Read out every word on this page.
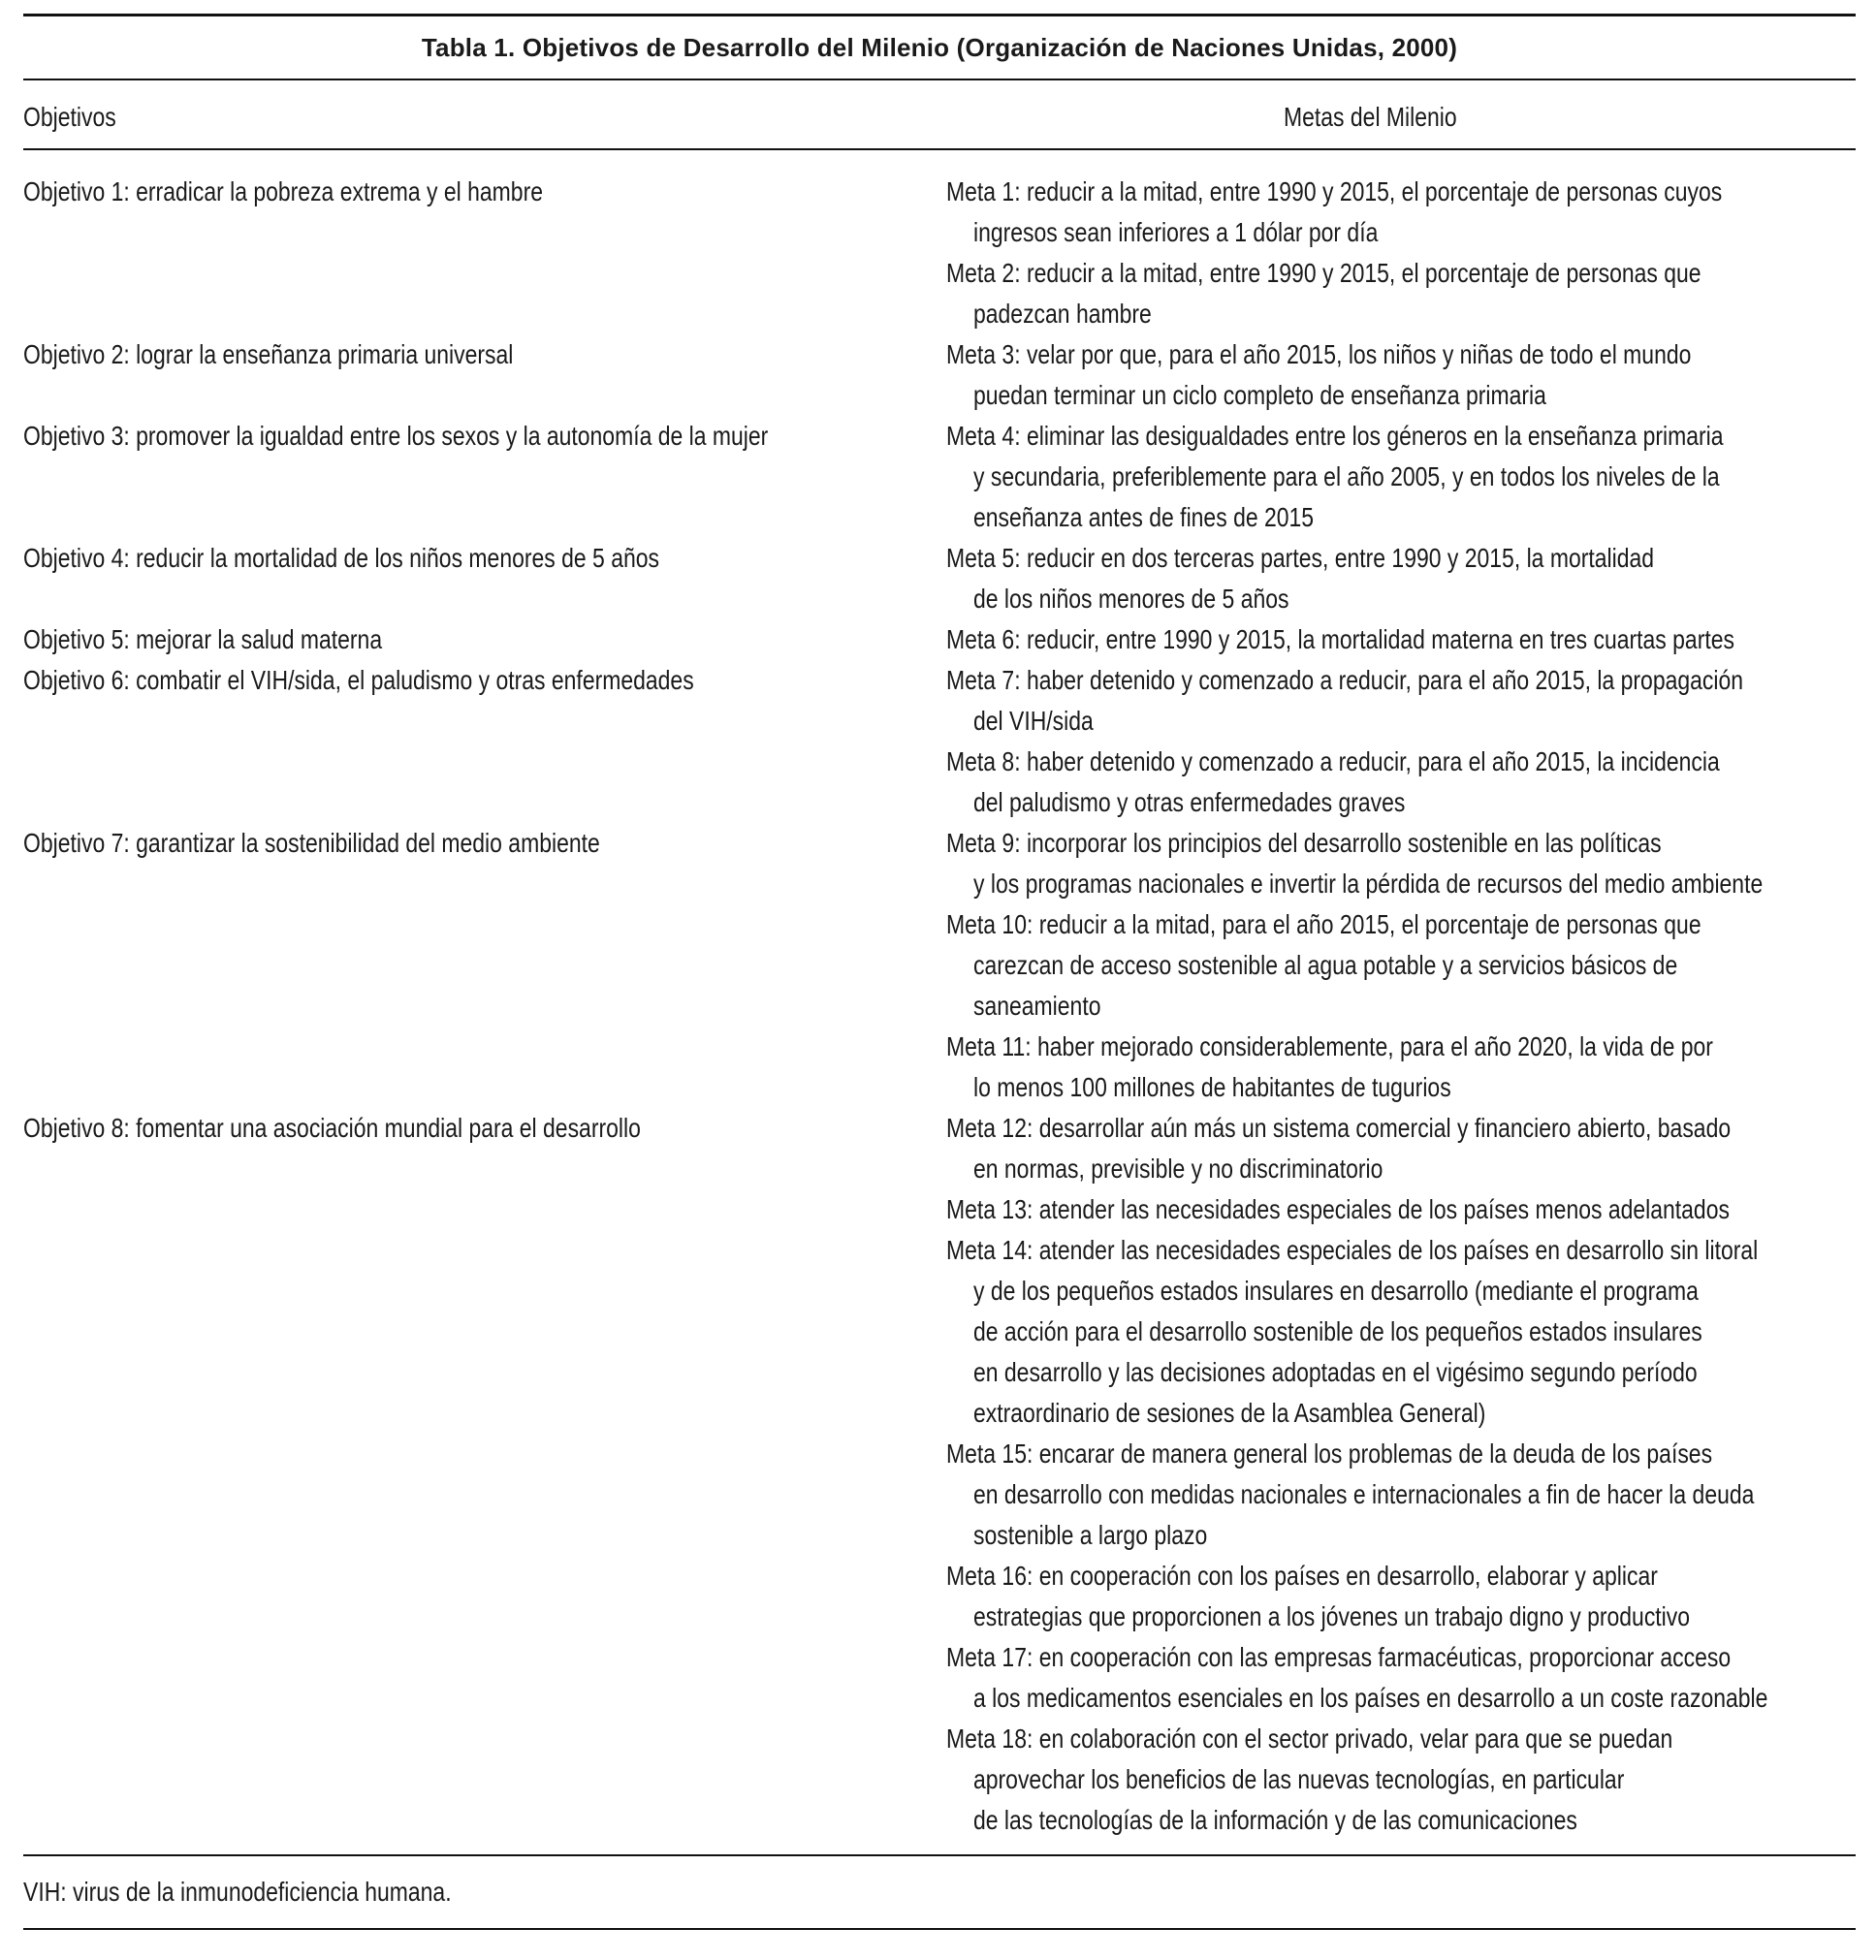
Tabla 1. Objetivos de Desarrollo del Milenio (Organización de Naciones Unidas, 2000)
Objetivos	Metas del Milenio
Objetivo 1: erradicar la pobreza extrema y el hambre	Meta 1: reducir a la mitad, entre 1990 y 2015, el porcentaje de personas cuyos
ingresos sean inferiores a 1 dólar por día
Meta 2: reducir a la mitad, entre 1990 y 2015, el porcentaje de personas que
padezcan hambre
Objetivo 2: lograr la enseñanza primaria universal	Meta 3: velar por que, para el año 2015, los niños y niñas de todo el mundo
puedan terminar un ciclo completo de enseñanza primaria
Objetivo 3: promover la igualdad entre los sexos y la autonomía de la mujer	Meta 4: eliminar las desigualdades entre los géneros en la enseñanza primaria
y secundaria, preferiblemente para el año 2005, y en todos los niveles de la
enseñanza antes de fines de 2015
Objetivo 4: reducir la mortalidad de los niños menores de 5 años	Meta 5: reducir en dos terceras partes, entre 1990 y 2015, la mortalidad
de los niños menores de 5 años
Objetivo 5: mejorar la salud materna	Meta 6: reducir, entre 1990 y 2015, la mortalidad materna en tres cuartas partes
Objetivo 6: combatir el VIH/sida, el paludismo y otras enfermedades	Meta 7: haber detenido y comenzado a reducir, para el año 2015, la propagación
del VIH/sida
Meta 8: haber detenido y comenzado a reducir, para el año 2015, la incidencia
del paludismo y otras enfermedades graves
Objetivo 7: garantizar la sostenibilidad del medio ambiente	Meta 9: incorporar los principios del desarrollo sostenible en las políticas
y los programas nacionales e invertir la pérdida de recursos del medio ambiente
Meta 10: reducir a la mitad, para el año 2015, el porcentaje de personas que
carezcan de acceso sostenible al agua potable y a servicios básicos de
saneamiento
Meta 11: haber mejorado considerablemente, para el año 2020, la vida de por
lo menos 100 millones de habitantes de tugurios
Objetivo 8: fomentar una asociación mundial para el desarrollo	Meta 12: desarrollar aún más un sistema comercial y financiero abierto, basado
en normas, previsible y no discriminatorio
Meta 13: atender las necesidades especiales de los países menos adelantados
Meta 14: atender las necesidades especiales de los países en desarrollo sin litoral
y de los pequeños estados insulares en desarrollo (mediante el programa
de acción para el desarrollo sostenible de los pequeños estados insulares
en desarrollo y las decisiones adoptadas en el vigésimo segundo período
extraordinario de sesiones de la Asamblea General)
Meta 15: encarar de manera general los problemas de la deuda de los países
en desarrollo con medidas nacionales e internacionales a fin de hacer la deuda
sostenible a largo plazo
Meta 16: en cooperación con los países en desarrollo, elaborar y aplicar
estrategias que proporcionen a los jóvenes un trabajo digno y productivo
Meta 17: en cooperación con las empresas farmacéuticas, proporcionar acceso
a los medicamentos esenciales en los países en desarrollo a un coste razonable
Meta 18: en colaboración con el sector privado, velar para que se puedan
aprovechar los beneficios de las nuevas tecnologías, en particular
de las tecnologías de la información y de las comunicaciones
VIH: virus de la inmunodeficiencia humana.
